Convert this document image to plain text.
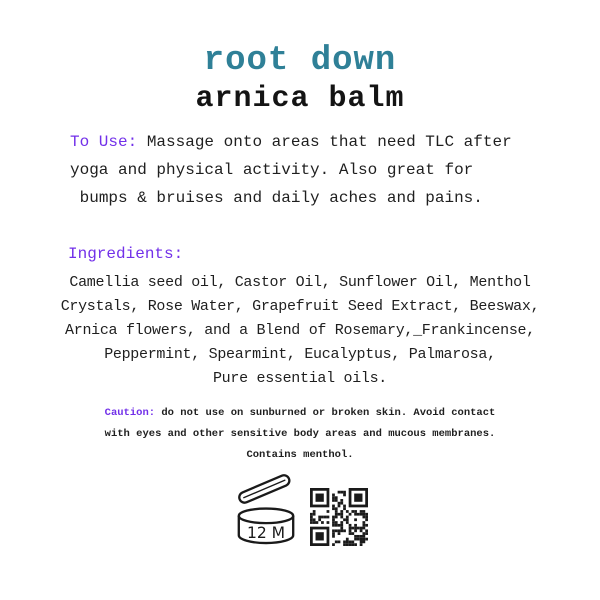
root down
arnica balm
To Use: Massage onto areas that need TLC after
yoga and physical activity. Also great for
bumps & bruises and daily aches and pains.
Ingredients:
Camellia seed oil, Castor Oil, Sunflower Oil, Menthol
Crystals, Rose Water, Grapefruit Seed Extract, Beeswax,
Arnica flowers, and a Blend of Rosemary,_Frankincense,
Peppermint, Spearmint, Eucalyptus, Palmarosa,
Pure essential oils.
Caution: do not use on sunburned or broken skin. Avoid contact
with eyes and other sensitive body areas and mucous membranes.
Contains menthol.
12 M
